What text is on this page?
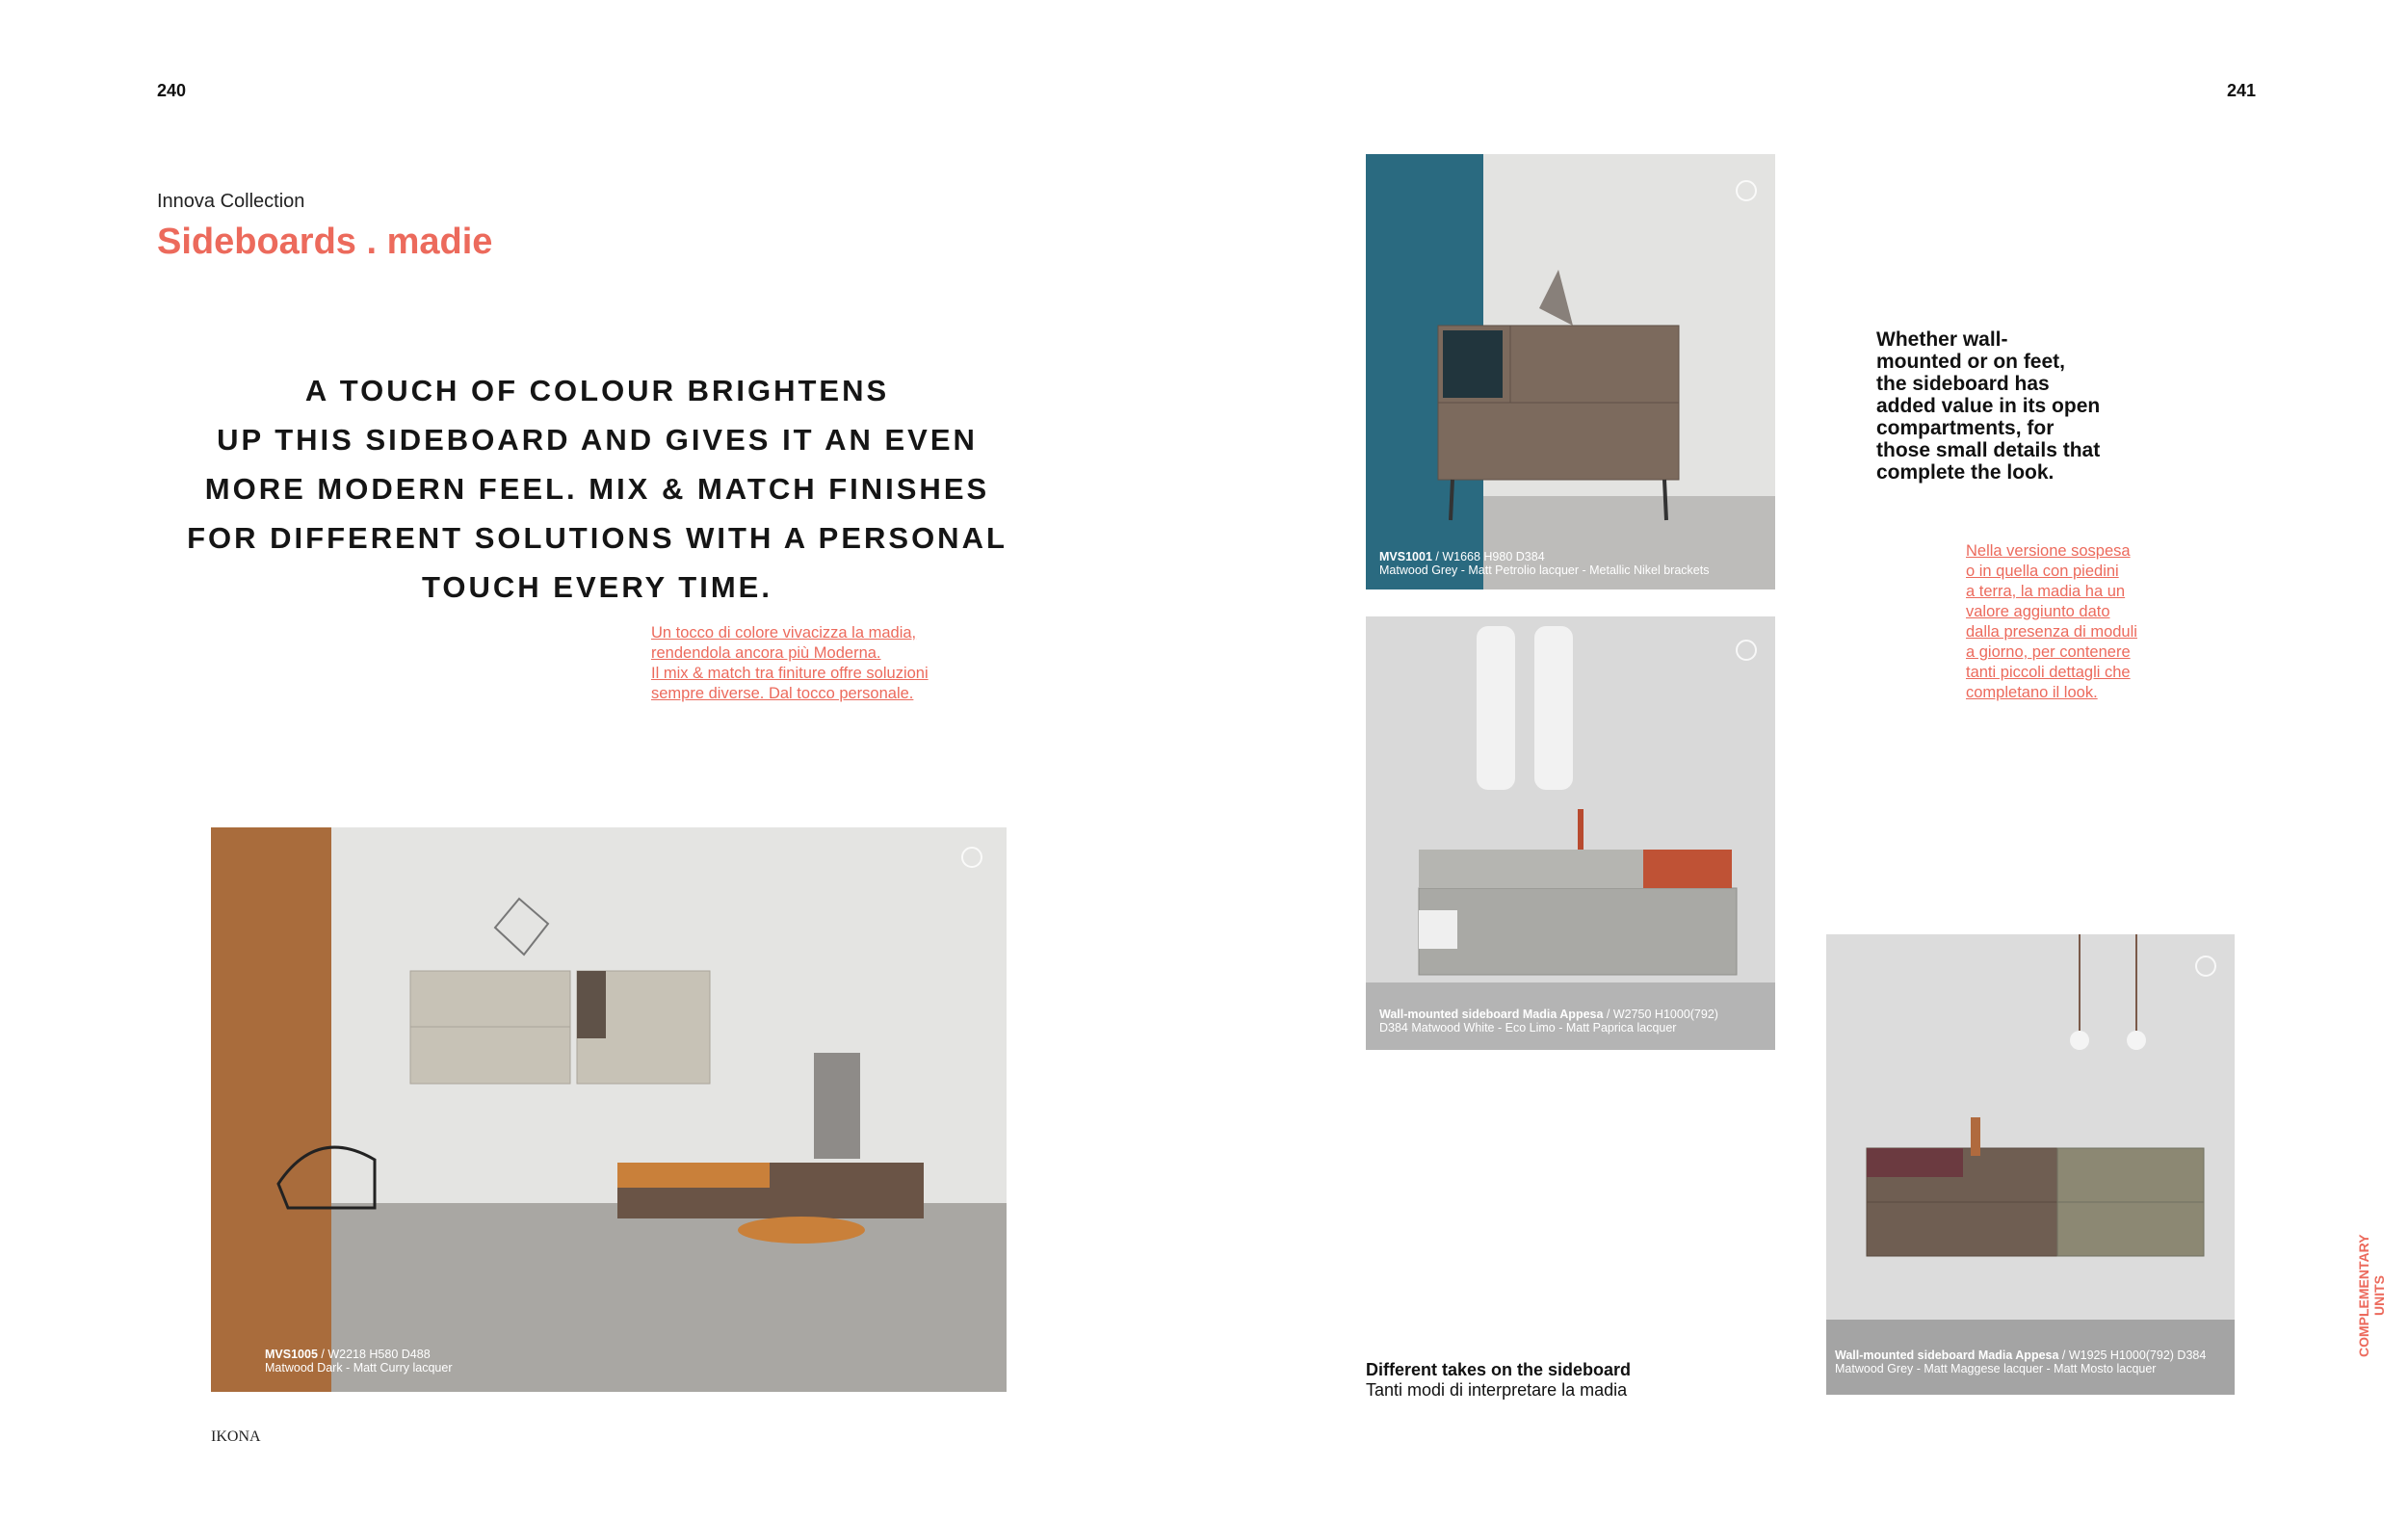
240	241
Innova Collection
Sideboards . madie
A TOUCH OF COLOUR BRIGHTENS
UP THIS SIDEBOARD AND GIVES IT AN EVEN
MORE MODERN FEEL. MIX & MATCH FINISHES
FOR DIFFERENT SOLUTIONS WITH A PERSONAL
TOUCH EVERY TIME.
Un tocco di colore vivacizza la madia,
rendendola ancora più Moderna.
Il mix & match tra finiture offre soluzioni
sempre diverse. Dal tocco personale.
Whether wall-
mounted or on feet,
the sideboard has
added value in its open
compartments, for
those small details that
complete the look.
Nella versione sospesa
o in quella con piedini
a terra, la madia ha un
valore aggiunto dato
dalla presenza di moduli
a giorno, per contenere
tanti piccoli dettagli che
completano il look.
MVS1005 / W2218 H580 D488
Matwood Dark - Matt Curry lacquer
MVS1001 / W1668 H980 D384
Matwood Grey - Matt Petrolio lacquer - Metallic Nikel brackets
Wall-mounted sideboard Madia Appesa / W2750 H1000(792)
D384 Matwood White - Eco Limo - Matt Paprica lacquer
Wall-mounted sideboard Madia Appesa / W1925 H1000(792) D384
Matwood Grey - Matt Maggese lacquer - Matt Mosto lacquer
Different takes on the sideboard
Tanti modi di interpretare la madia
IKONA
COMPLEMENTARY
UNITS
